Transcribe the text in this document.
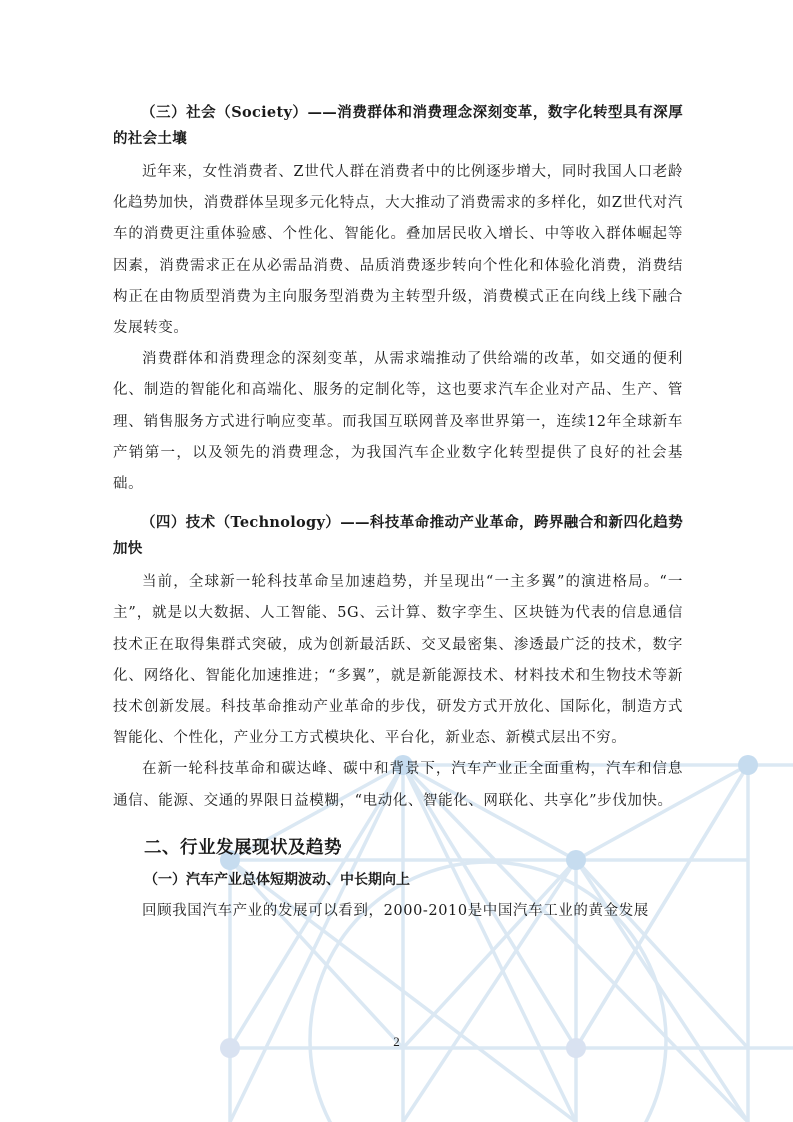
（三）社会（Society）——消费群体和消费理念深刻变革，数字化转型具有深厚的社会土壤

近年来，女性消费者、Z世代人群在消费者中的比例逐步增大，同时我国人口老龄化趋势加快，消费群体呈现多元化特点，大大推动了消费需求的多样化，如Z世代对汽车的消费更注重体验感、个性化、智能化。叠加居民收入增长、中等收入群体崛起等因素，消费需求正在从必需品消费、品质消费逐步转向个性化和体验化消费，消费结构正在由物质型消费为主向服务型消费为主转型升级，消费模式正在向线上线下融合发展转变。

消费群体和消费理念的深刻变革，从需求端推动了供给端的改革，如交通的便利化、制造的智能化和高端化、服务的定制化等，这也要求汽车企业对产品、生产、管理、销售服务方式进行响应变革。而我国互联网普及率世界第一，连续12年全球新车产销第一，以及领先的消费理念，为我国汽车企业数字化转型提供了良好的社会基础。

（四）技术（Technology）——科技革命推动产业革命，跨界融合和新四化趋势加快

当前，全球新一轮科技革命呈加速趋势，并呈现出“一主多翼”的演进格局。“一主”，就是以大数据、人工智能、5G、云计算、数字孪生、区块链为代表的信息通信技术正在取得集群式突破，成为创新最活跃、交叉最密集、渗透最广泛的技术，数字化、网络化、智能化加速推进；“多翼”，就是新能源技术、材料技术和生物技术等新技术创新发展。科技革命推动产业革命的步伐，研发方式开放化、国际化，制造方式智能化、个性化，产业分工方式模块化、平台化，新业态、新模式层出不穷。

在新一轮科技革命和碳达峰、碳中和背景下，汽车产业正全面重构，汽车和信息通信、能源、交通的界限日益模糊，“电动化、智能化、网联化、共享化”步伐加快。

二、行业发展现状及趋势

（一）汽车产业总体短期波动、中长期向上

回顾我国汽车产业的发展可以看到，2000-2010是中国汽车工业的黄金发展

2
